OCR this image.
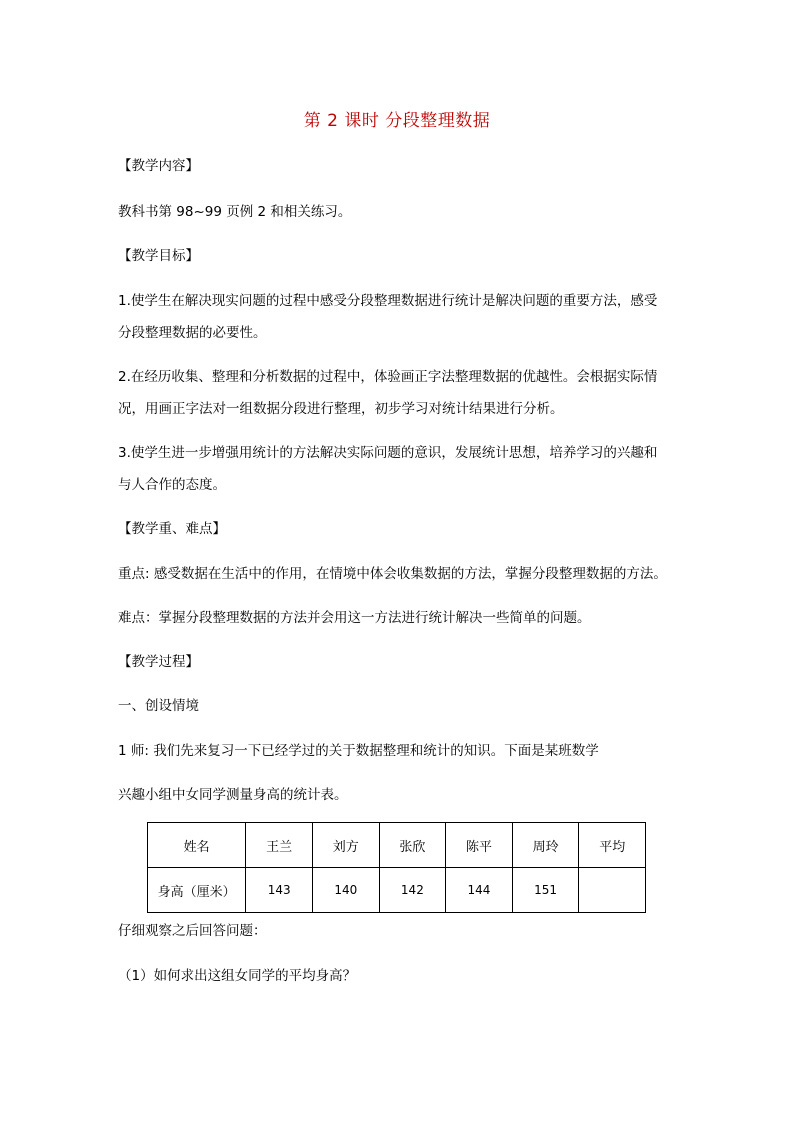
第 2 课时 分段整理数据
【教学内容】
教科书第 98~99 页例 2 和相关练习。
【教学目标】
1.使学生在解决现实问题的过程中感受分段整理数据进行统计是解决问题的重要方法，感受
分段整理数据的必要性。
2.在经历收集、整理和分析数据的过程中，体验画正字法整理数据的优越性。会根据实际情
况，用画正字法对一组数据分段进行整理，初步学习对统计结果进行分析。
3.使学生进一步增强用统计的方法解决实际问题的意识，发展统计思想，培养学习的兴趣和
与人合作的态度。
【教学重、难点】
重点: 感受数据在生活中的作用，在情境中体会收集数据的方法，掌握分段整理数据的方法。
难点：掌握分段整理数据的方法并会用这一方法进行统计解决一些简单的问题。
【教学过程】
一、创设情境
1 师: 我们先来复习一下已经学过的关于数据整理和统计的知识。下面是某班数学
兴趣小组中女同学测量身高的统计表。
姓名	王兰	刘方	张欣	陈平	周玲	平均
身高（厘米）	143	140	142	144	151	
仔细观察之后回答问题：
（1）如何求出这组女同学的平均身高？
